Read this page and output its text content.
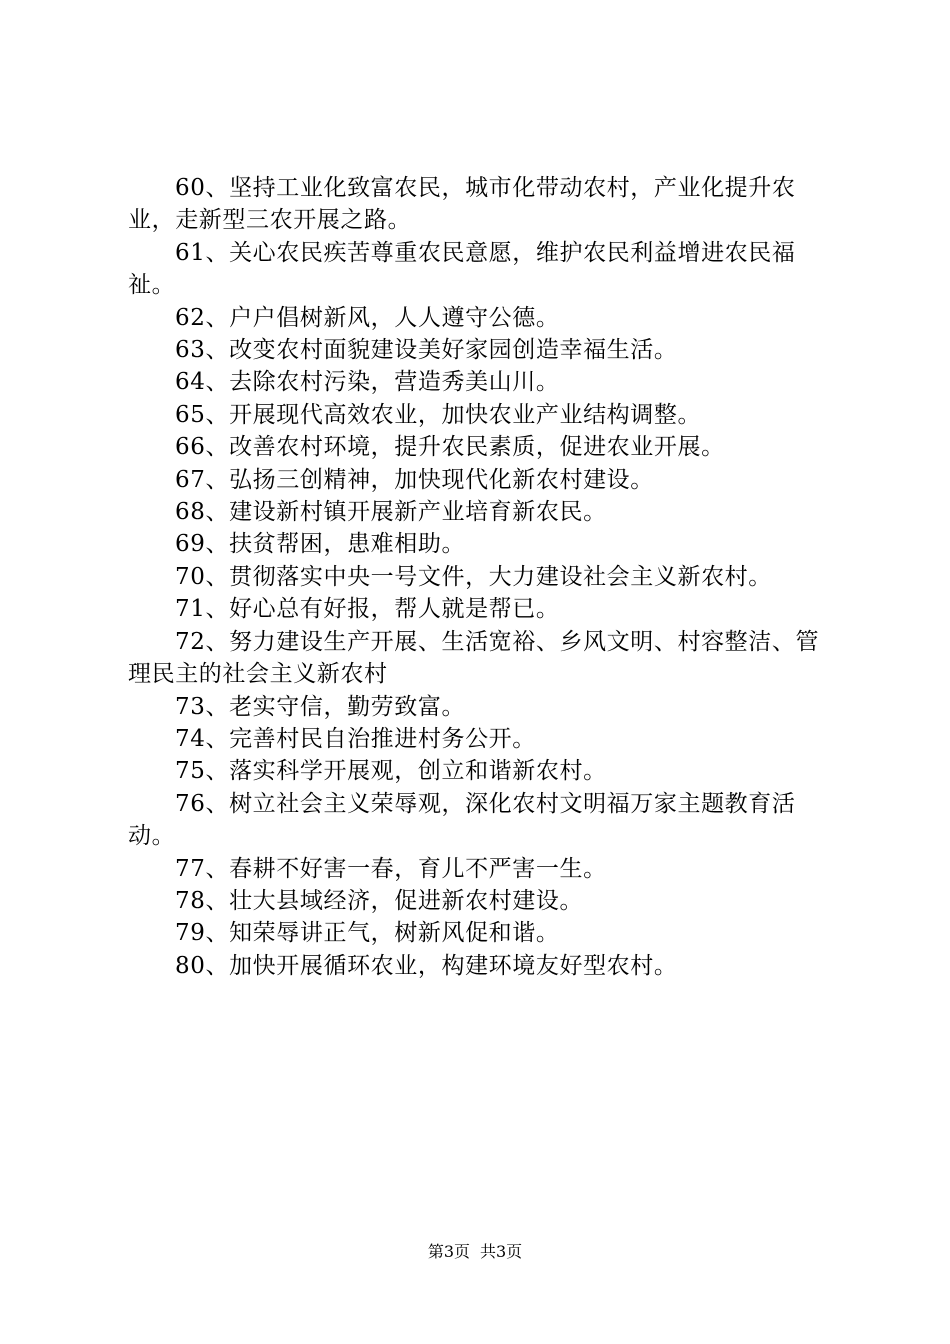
60、坚持工业化致富农民，城市化带动农村，产业化提升农业，走新型三农开展之路。

61、关心农民疾苦尊重农民意愿，维护农民利益增进农民福祉。

62、户户倡树新风，人人遵守公德。

63、改变农村面貌建设美好家园创造幸福生活。

64、去除农村污染，营造秀美山川。

65、开展现代高效农业，加快农业产业结构调整。

66、改善农村环境，提升农民素质，促进农业开展。

67、弘扬三创精神，加快现代化新农村建设。

68、建设新村镇开展新产业培育新农民。

69、扶贫帮困，患难相助。

70、贯彻落实中央一号文件，大力建设社会主义新农村。

71、好心总有好报，帮人就是帮已。

72、努力建设生产开展、生活宽裕、乡风文明、村容整洁、管理民主的社会主义新农村

73、老实守信，勤劳致富。

74、完善村民自治推进村务公开。

75、落实科学开展观，创立和谐新农村。

76、树立社会主义荣辱观，深化农村文明福万家主题教育活动。

77、春耕不好害一春，育儿不严害一生。

78、壮大县域经济，促进新农村建设。

79、知荣辱讲正气，树新风促和谐。

80、加快开展循环农业，构建环境友好型农村。

第3页 共3页
